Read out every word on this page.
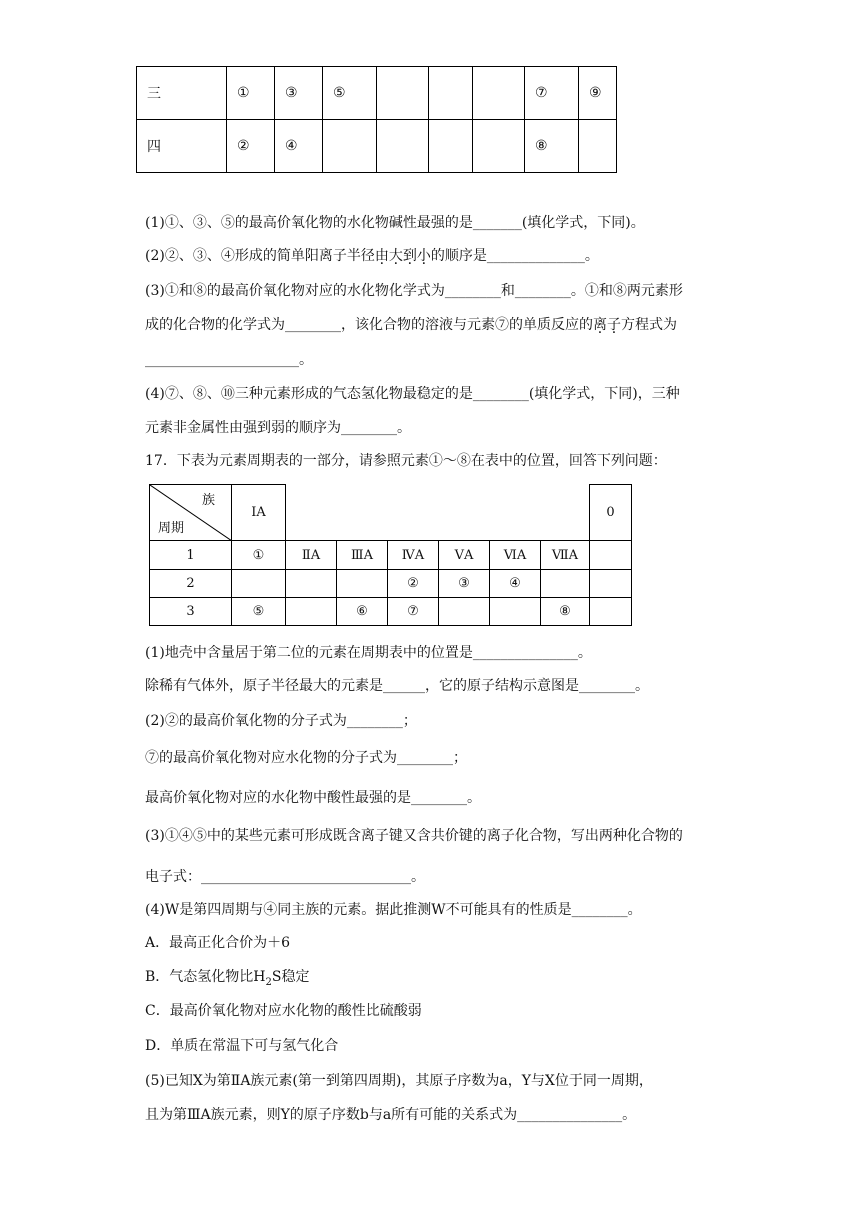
三	①	③	⑤				⑦	⑨
四	②	④					⑧	
(1)①、③、⑤的最高价氧化物的水化物碱性最强的是_______(填化学式，下同)。
(2)②、③、④形成的简单阳离子半径由大到小的顺序是______________。
(3)①和⑧的最高价氧化物对应的水化物化学式为________和________。①和⑧两元素形
成的化合物的化学式为________，该化合物的溶液与元素⑦的单质反应的离子方程式为
______________________。
(4)⑦、⑧、⑩三种元素形成的气态氢化物最稳定的是________(填化学式，下同)，三种
元素非金属性由强到弱的顺序为________。
17．下表为元素周期表的一部分，请参照元素①～⑧在表中的位置，回答下列问题：
族
周期	ⅠA							0
1	①	ⅡA	ⅢA	ⅣA	ⅤA	ⅥA	ⅦA	
2				②	③	④		
3	⑤		⑥	⑦			⑧	
(1)地壳中含量居于第二位的元素在周期表中的位置是_______________。
除稀有气体外，原子半径最大的元素是______，它的原子结构示意图是________。
(2)②的最高价氧化物的分子式为________；
⑦的最高价氧化物对应水化物的分子式为________；
最高价氧化物对应的水化物中酸性最强的是________。
(3)①④⑤中的某些元素可形成既含离子键又含共价键的离子化合物，写出两种化合物的
电子式：______________________________。
(4)W是第四周期与④同主族的元素。据此推测W不可能具有的性质是________。
A．最高正化合价为＋6
B．气态氢化物比$H_2S$稳定
C．最高价氧化物对应水化物的酸性比硫酸弱
D．单质在常温下可与氢气化合
(5)已知X为第ⅡA族元素(第一到第四周期)，其原子序数为a，Y与X位于同一周期，
且为第ⅢA族元素，则Y的原子序数b与a所有可能的关系式为_______________。
